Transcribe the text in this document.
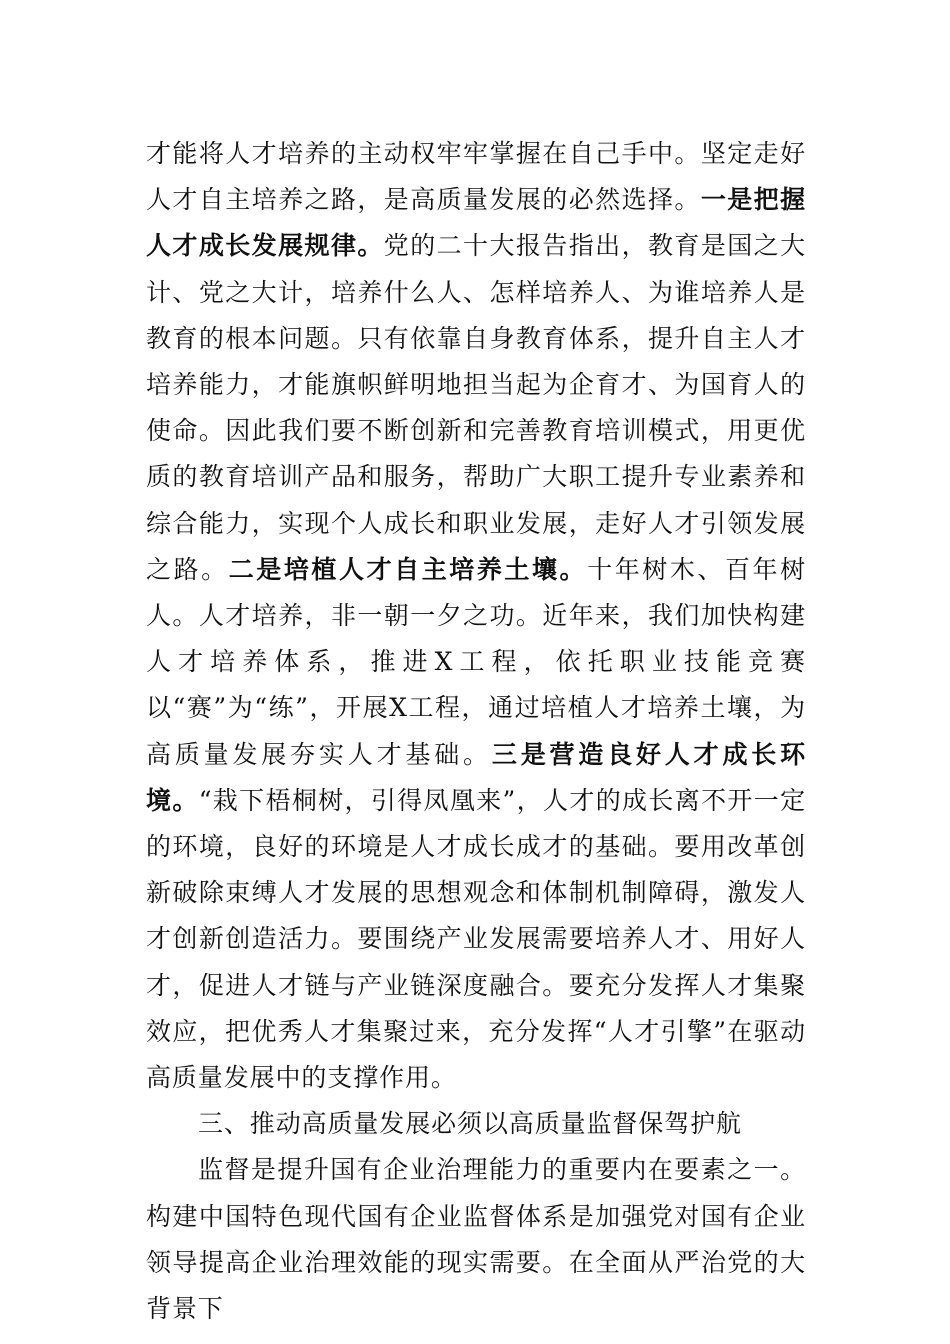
才能将人才培养的主动权牢牢掌握在自己手中。坚定走好人才自主培养之路，是高质量发展的必然选择。一是把握人才成长发展规律。党的二十大报告指出，教育是国之大计、党之大计，培养什么人、怎样培养人、为谁培养人是教育的根本问题。只有依靠自身教育体系，提升自主人才培养能力，才能旗帜鲜明地担当起为企育才、为国育人的使命。因此我们要不断创新和完善教育培训模式，用更优质的教育培训产品和服务，帮助广大职工提升专业素养和综合能力，实现个人成长和职业发展，走好人才引领发展之路。二是培植人才自主培养土壤。十年树木、百年树人。人才培养，非一朝一夕之功。近年来，我们加快构建人才培养体系，推进X工程，依托职业技能竞赛以“赛”为“练”，开展X工程，通过培植人才培养土壤，为高质量发展夯实人才基础。三是营造良好人才成长环境。“栽下梧桐树，引得凤凰来”，人才的成长离不开一定的环境，良好的环境是人才成长成才的基础。要用改革创新破除束缚人才发展的思想观念和体制机制障碍，激发人才创新创造活力。要围绕产业发展需要培养人才、用好人才，促进人才链与产业链深度融合。要充分发挥人才集聚效应，把优秀人才集聚过来，充分发挥“人才引擎”在驱动高质量发展中的支撑作用。

三、推动高质量发展必须以高质量监督保驾护航

监督是提升国有企业治理能力的重要内在要素之一。构建中国特色现代国有企业监督体系是加强党对国有企业领导提高企业治理效能的现实需要。在全面从严治党的大背景下
